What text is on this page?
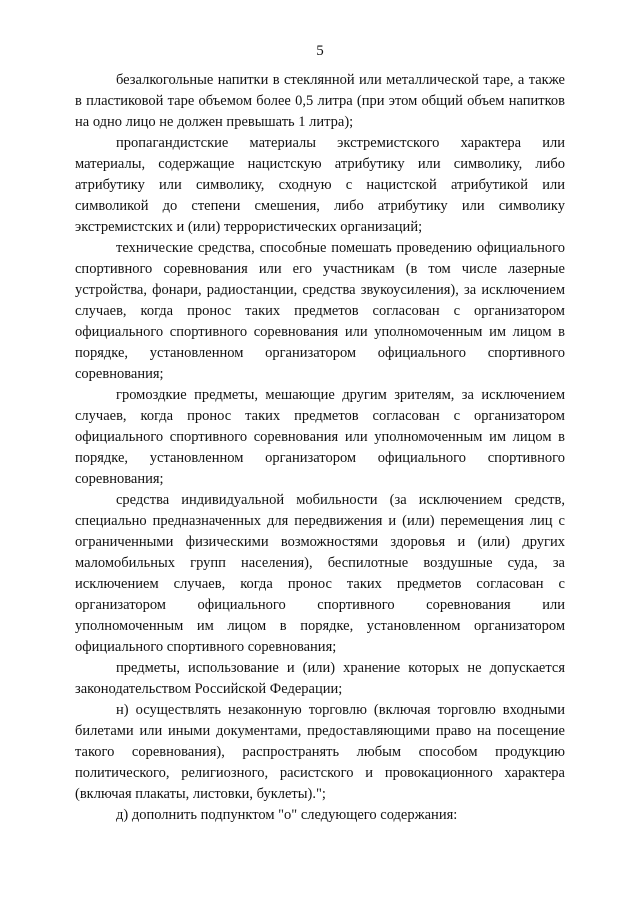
5

безалкогольные напитки в стеклянной или металлической таре, а также в пластиковой таре объемом более 0,5 литра (при этом общий объем напитков на одно лицо не должен превышать 1 литра);

пропагандистские материалы экстремистского характера или материалы, содержащие нацистскую атрибутику или символику, либо атрибутику или символику, сходную с нацистской атрибутикой или символикой до степени смешения, либо атрибутику или символику экстремистских и (или) террористических организаций;

технические средства, способные помешать проведению официального спортивного соревнования или его участникам (в том числе лазерные устройства, фонари, радиостанции, средства звукоусиления), за исключением случаев, когда пронос таких предметов согласован с организатором официального спортивного соревнования или уполномоченным им лицом в порядке, установленном организатором официального спортивного соревнования;

громоздкие предметы, мешающие другим зрителям, за исключением случаев, когда пронос таких предметов согласован с организатором официального спортивного соревнования или уполномоченным им лицом в порядке, установленном организатором официального спортивного соревнования;

средства индивидуальной мобильности (за исключением средств, специально предназначенных для передвижения и (или) перемещения лиц с ограниченными физическими возможностями здоровья и (или) других маломобильных групп населения), беспилотные воздушные суда, за исключением случаев, когда пронос таких предметов согласован с организатором официального спортивного соревнования или уполномоченным им лицом в порядке, установленном организатором официального спортивного соревнования;

предметы, использование и (или) хранение которых не допускается законодательством Российской Федерации;

н) осуществлять незаконную торговлю (включая торговлю входными билетами или иными документами, предоставляющими право на посещение такого соревнования), распространять любым способом продукцию политического, религиозного, расистского и провокационного характера (включая плакаты, листовки, буклеты).";

д) дополнить подпунктом "о" следующего содержания:
